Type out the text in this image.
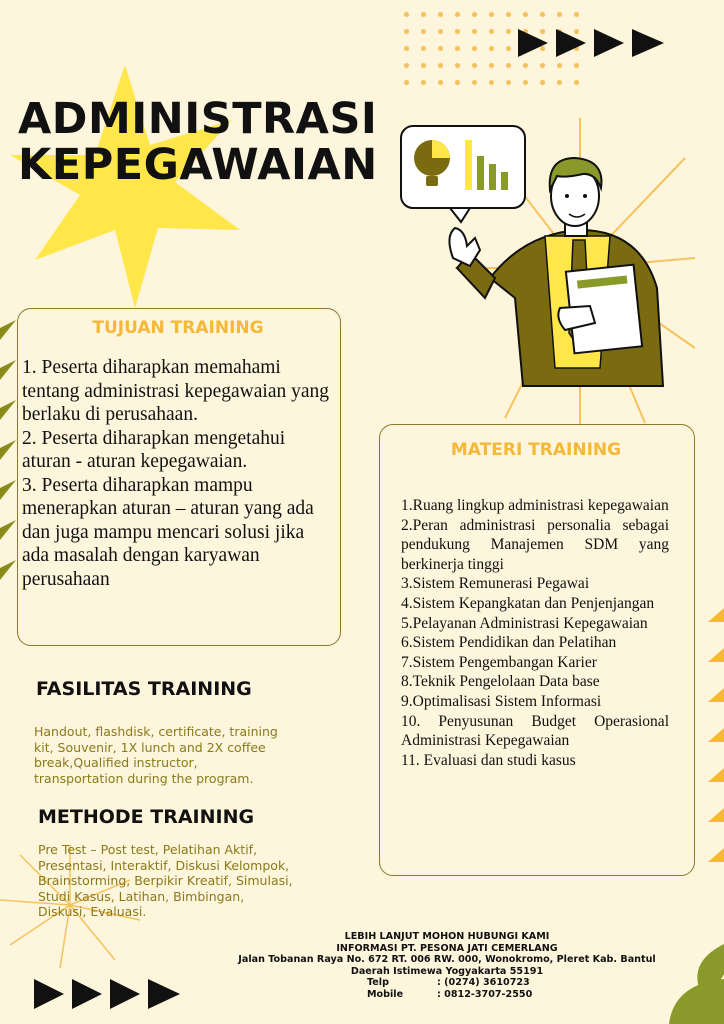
ADMINISTRASI
KEPEGAWAIAN
TUJUAN TRAINING
1. Peserta diharapkan memahami tentang administrasi kepegawaian yang berlaku di perusahaan.
2. Peserta diharapkan mengetahui aturan - aturan kepegawaian.
3. Peserta diharapkan mampu menerapkan aturan – aturan yang ada dan juga mampu mencari solusi jika ada masalah dengan karyawan perusahaan
MATERI TRAINING
1.Ruang lingkup administrasi kepegawaian
2.Peran administrasi personalia sebagai pendukung Manajemen SDM yang berkinerja tinggi
3.Sistem Remunerasi Pegawai
4.Sistem Kepangkatan dan Penjenjangan
5.Pelayanan Administrasi Kepegawaian
6.Sistem Pendidikan dan Pelatihan
7.Sistem Pengembangan Karier
8.Teknik Pengelolaan Data base
9.Optimalisasi Sistem Informasi
10. Penyusunan Budget Operasional Administrasi Kepegawaian
11. Evaluasi dan studi kasus
FASILITAS TRAINING
Handout, flashdisk, certificate, training kit, Souvenir, 1X lunch and 2X coffee break,Qualified instructor, transportation during the program.
METHODE TRAINING
Pre Test – Post test, Pelatihan Aktif, Presentasi, Interaktif, Diskusi Kelompok, Brainstorming, Berpikir Kreatif, Simulasi, Studi Kasus, Latihan, Bimbingan, Diskusi, Evaluasi.
LEBIH LANJUT MOHON HUBUNGI KAMI
INFORMASI PT. PESONA JATI CEMERLANG
Jalan Tobanan Raya No. 672 RT. 006 RW. 000, Wonokromo, Pleret Kab. Bantul
Daerah Istimewa Yogyakarta 55191
Telp	: (0274) 3610723
Mobile	: 0812-3707-2550
